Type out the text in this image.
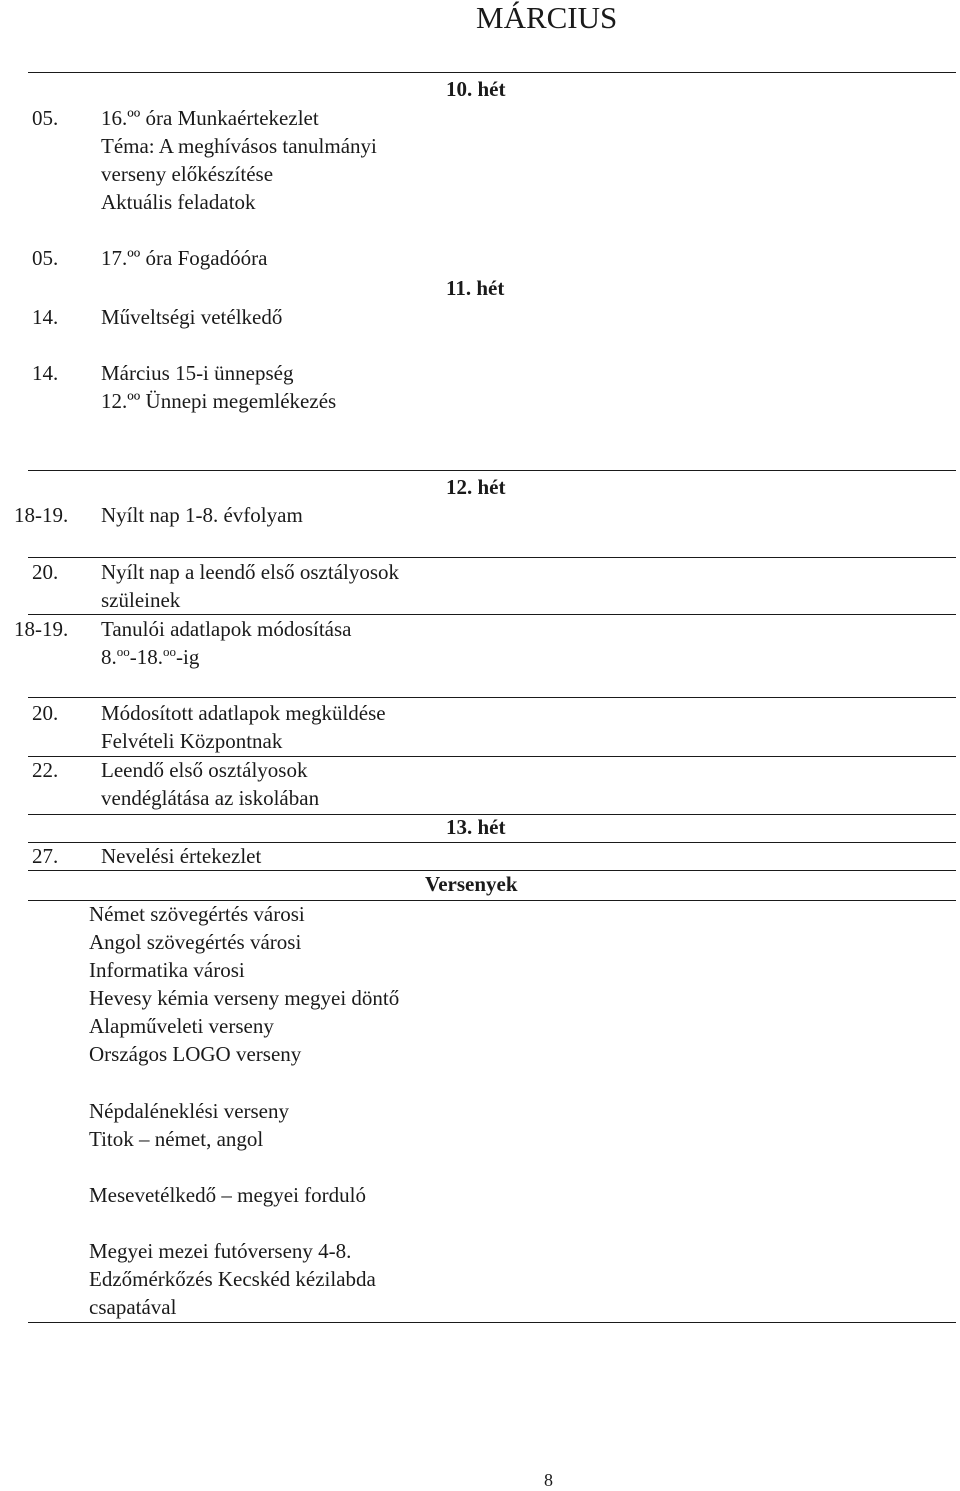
MÁRCIUS
10. hét
11. hét
12. hét
13. hét
05. 16.ºº óra Munkaértekezlet
Téma: A meghívásos tanulmányi
verseny előkészítése
Aktuális feladatok
05. 17.ºº óra Fogadóóra
14. Műveltségi vetélkedő
14. Március 15-i ünnepség
12.ºº Ünnepi megemlékezés
18-19. Nyílt nap 1-8. évfolyam
20. Nyílt nap a leendő első osztályosok
szüleinek
18-19. Tanulói adatlapok módosítása
8.$^{oo}$-18.$^{oo}$-ig
20. Módosított adatlapok megküldése
Felvételi Központnak
22. Leendő első osztályosok
vendéglátása az iskolában
27. Nevelési értekezlet
Versenyek
Német szövegértés városi
Angol szövegértés városi
Informatika városi
Hevesy kémia verseny megyei döntő
Alapműveleti verseny
Országos LOGO verseny
Népdaléneklési verseny
Titok – német, angol
Mesevetélkedő – megyei forduló
Megyei mezei futóverseny 4-8.
Edzőmérkőzés Kecskéd kézilabda
csapatával
8
